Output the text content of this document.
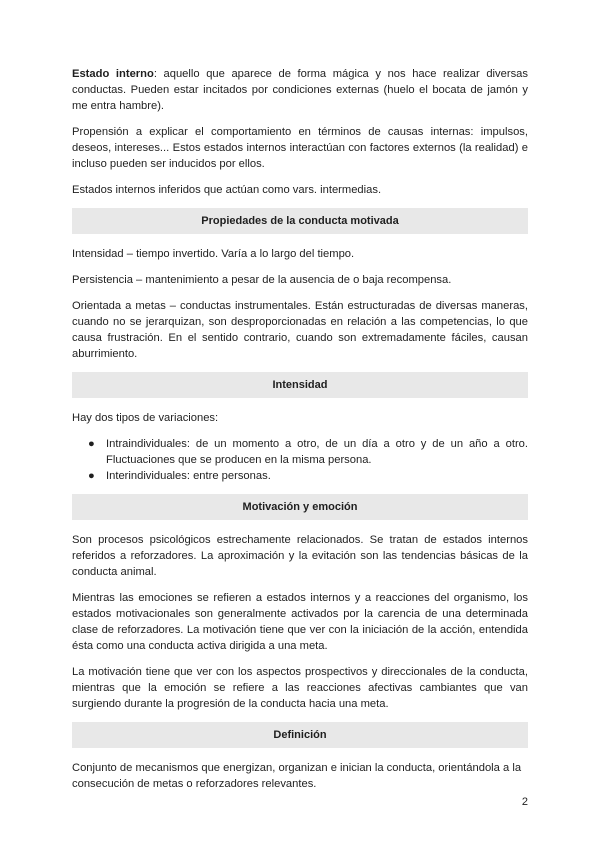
Estado interno: aquello que aparece de forma mágica y nos hace realizar diversas conductas. Pueden estar incitados por condiciones externas (huelo el bocata de jamón y me entra hambre).

Propensión a explicar el comportamiento en términos de causas internas: impulsos, deseos, intereses... Estos estados internos interactúan con factores externos (la realidad) e incluso pueden ser inducidos por ellos.

Estados internos inferidos que actúan como vars. intermedias.

Propiedades de la conducta motivada

Intensidad – tiempo invertido. Varía a lo largo del tiempo.

Persistencia – mantenimiento a pesar de la ausencia de o baja recompensa.

Orientada a metas – conductas instrumentales. Están estructuradas de diversas maneras, cuando no se jerarquizan, son desproporcionadas en relación a las competencias, lo que causa frustración. En el sentido contrario, cuando son extremadamente fáciles, causan aburrimiento.

Intensidad

Hay dos tipos de variaciones:

● Intraindividuales: de un momento a otro, de un día a otro y de un año a otro. Fluctuaciones que se producen en la misma persona.
● Interindividuales: entre personas.
Motivación y emoción

Son procesos psicológicos estrechamente relacionados. Se tratan de estados internos referidos a reforzadores. La aproximación y la evitación son las tendencias básicas de la conducta animal.

Mientras las emociones se refieren a estados internos y a reacciones del organismo, los estados motivacionales son generalmente activados por la carencia de una determinada clase de reforzadores. La motivación tiene que ver con la iniciación de la acción, entendida ésta como una conducta activa dirigida a una meta.

La motivación tiene que ver con los aspectos prospectivos y direccionales de la conducta, mientras que la emoción se refiere a las reacciones afectivas cambiantes que van surgiendo durante la progresión de la conducta hacia una meta.

Definición

Conjunto de mecanismos que energizan, organizan e inician la conducta, orientándola a la consecución de metas o reforzadores relevantes.

2
